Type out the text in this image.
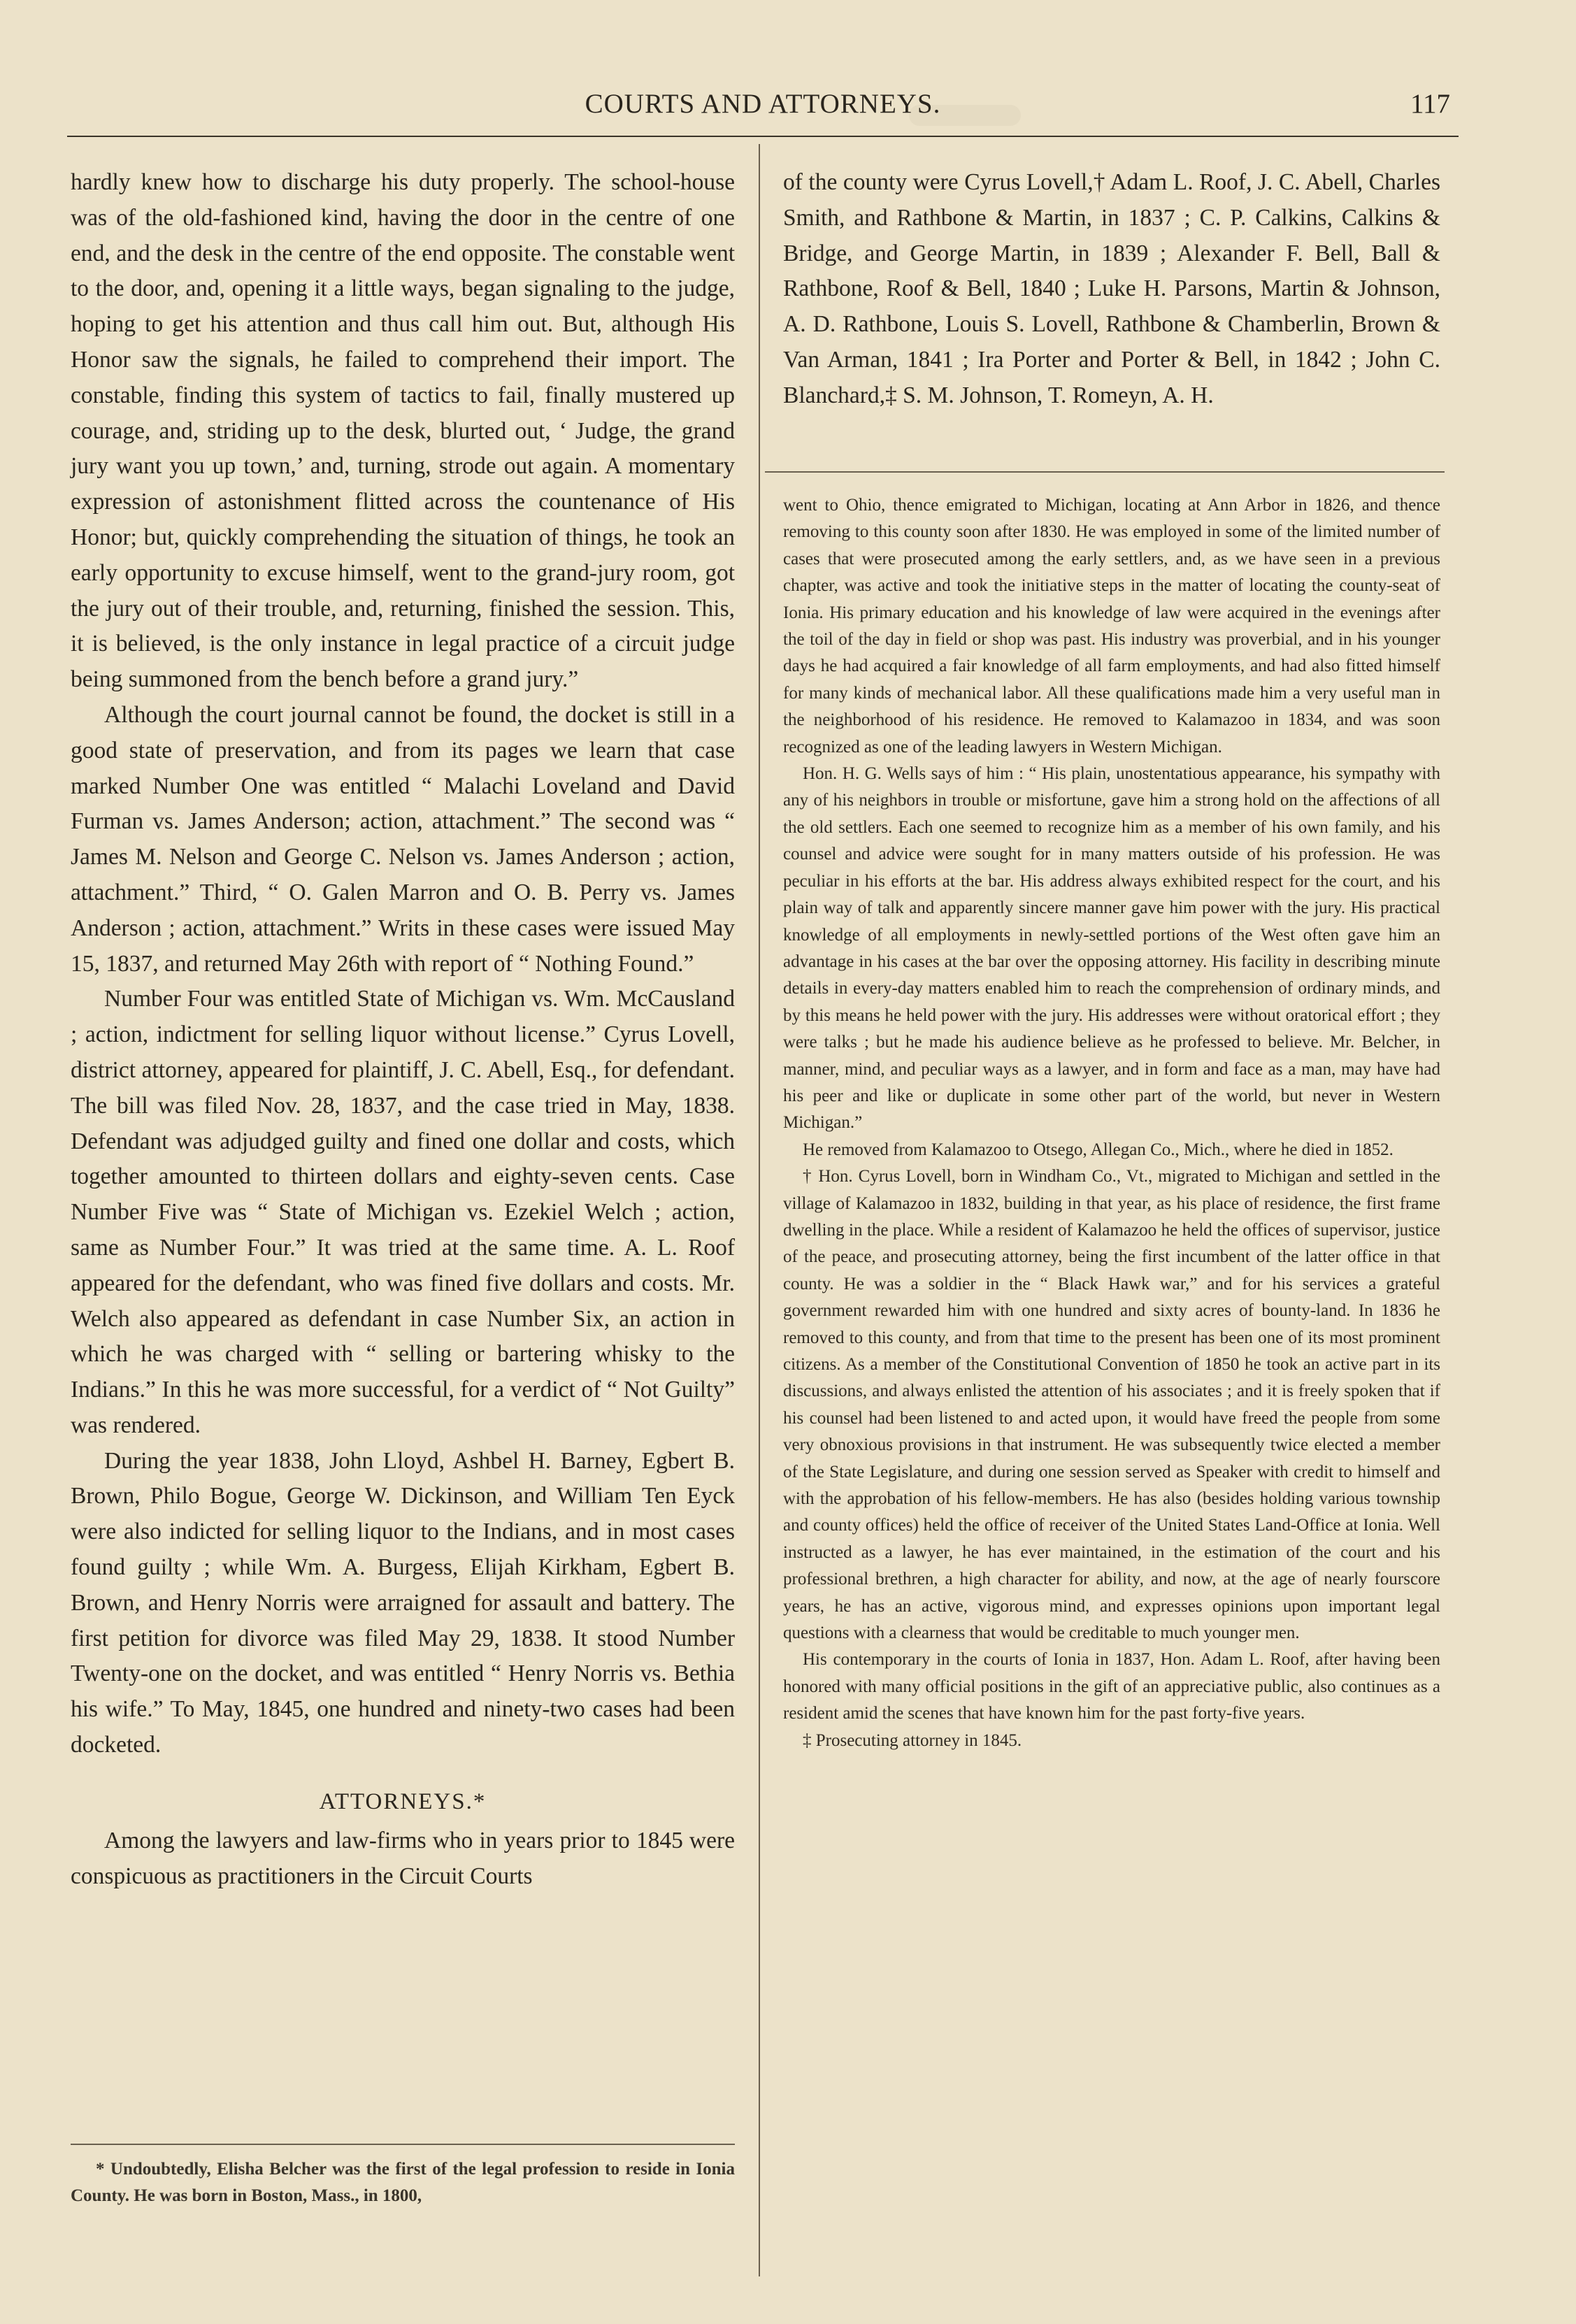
COURTS AND ATTORNEYS.	117

hardly knew how to discharge his duty properly. The school-house was of the old-fashioned kind, having the door in the centre of one end, and the desk in the centre of the end opposite. The constable went to the door, and, opening it a little ways, began signaling to the judge, hoping to get his attention and thus call him out. But, although His Honor saw the signals, he failed to comprehend their import. The constable, finding this system of tactics to fail, finally mustered up courage, and, striding up to the desk, blurted out, ‘ Judge, the grand jury want you up town,’ and, turning, strode out again. A momentary expression of astonishment flitted across the countenance of His Honor; but, quickly comprehending the situation of things, he took an early opportunity to excuse himself, went to the grand-jury room, got the jury out of their trouble, and, returning, finished the session. This, it is believed, is the only instance in legal practice of a circuit judge being summoned from the bench before a grand jury.”

Although the court journal cannot be found, the docket is still in a good state of preservation, and from its pages we learn that case marked Number One was entitled “ Malachi Loveland and David Furman vs. James Anderson; action, attachment.” The second was “ James M. Nelson and George C. Nelson vs. James Anderson ; action, attachment.” Third, “ O. Galen Marron and O. B. Perry vs. James Anderson ; action, attachment.” Writs in these cases were issued May 15, 1837, and returned May 26th with report of “ Nothing Found.”

Number Four was entitled State of Michigan vs. Wm. McCausland ; action, indictment for selling liquor without license.” Cyrus Lovell, district attorney, appeared for plaintiff, J. C. Abell, Esq., for defendant. The bill was filed Nov. 28, 1837, and the case tried in May, 1838. Defendant was adjudged guilty and fined one dollar and costs, which together amounted to thirteen dollars and eighty-seven cents. Case Number Five was “ State of Michigan vs. Ezekiel Welch ; action, same as Number Four.” It was tried at the same time. A. L. Roof appeared for the defendant, who was fined five dollars and costs. Mr. Welch also appeared as defendant in case Number Six, an action in which he was charged with “ selling or bartering whisky to the Indians.” In this he was more successful, for a verdict of “ Not Guilty” was rendered.

During the year 1838, John Lloyd, Ashbel H. Barney, Egbert B. Brown, Philo Bogue, George W. Dickinson, and William Ten Eyck were also indicted for selling liquor to the Indians, and in most cases found guilty ; while Wm. A. Burgess, Elijah Kirkham, Egbert B. Brown, and Henry Norris were arraigned for assault and battery. The first petition for divorce was filed May 29, 1838. It stood Number Twenty-one on the docket, and was entitled “ Henry Norris vs. Bethia his wife.” To May, 1845, one hundred and ninety-two cases had been docketed.

ATTORNEYS.*

Among the lawyers and law-firms who in years prior to 1845 were conspicuous as practitioners in the Circuit Courts

* Undoubtedly, Elisha Belcher was the first of the legal profession to reside in Ionia County. He was born in Boston, Mass., in 1800,

of the county were Cyrus Lovell,† Adam L. Roof, J. C. Abell, Charles Smith, and Rathbone & Martin, in 1837 ; C. P. Calkins, Calkins & Bridge, and George Martin, in 1839 ; Alexander F. Bell, Ball & Rathbone, Roof & Bell, 1840 ; Luke H. Parsons, Martin & Johnson, A. D. Rathbone, Louis S. Lovell, Rathbone & Chamberlin, Brown & Van Arman, 1841 ; Ira Porter and Porter & Bell, in 1842 ; John C. Blanchard,‡ S. M. Johnson, T. Romeyn, A. H.

went to Ohio, thence emigrated to Michigan, locating at Ann Arbor in 1826, and thence removing to this county soon after 1830. He was employed in some of the limited number of cases that were prosecuted among the early settlers, and, as we have seen in a previous chapter, was active and took the initiative steps in the matter of locating the county-seat of Ionia. His primary education and his knowledge of law were acquired in the evenings after the toil of the day in field or shop was past. His industry was proverbial, and in his younger days he had acquired a fair knowledge of all farm employments, and had also fitted himself for many kinds of mechanical labor. All these qualifications made him a very useful man in the neighborhood of his residence. He removed to Kalamazoo in 1834, and was soon recognized as one of the leading lawyers in Western Michigan.

Hon. H. G. Wells says of him : “ His plain, unostentatious appearance, his sympathy with any of his neighbors in trouble or misfortune, gave him a strong hold on the affections of all the old settlers. Each one seemed to recognize him as a member of his own family, and his counsel and advice were sought for in many matters outside of his profession. He was peculiar in his efforts at the bar. His address always exhibited respect for the court, and his plain way of talk and apparently sincere manner gave him power with the jury. His practical knowledge of all employments in newly-settled portions of the West often gave him an advantage in his cases at the bar over the opposing attorney. His facility in describing minute details in every-day matters enabled him to reach the comprehension of ordinary minds, and by this means he held power with the jury. His addresses were without oratorical effort ; they were talks ; but he made his audience believe as he professed to believe. Mr. Belcher, in manner, mind, and peculiar ways as a lawyer, and in form and face as a man, may have had his peer and like or duplicate in some other part of the world, but never in Western Michigan.”

He removed from Kalamazoo to Otsego, Allegan Co., Mich., where he died in 1852.

† Hon. Cyrus Lovell, born in Windham Co., Vt., migrated to Michigan and settled in the village of Kalamazoo in 1832, building in that year, as his place of residence, the first frame dwelling in the place. While a resident of Kalamazoo he held the offices of supervisor, justice of the peace, and prosecuting attorney, being the first incumbent of the latter office in that county. He was a soldier in the “ Black Hawk war,” and for his services a grateful government rewarded him with one hundred and sixty acres of bounty-land. In 1836 he removed to this county, and from that time to the present has been one of its most prominent citizens. As a member of the Constitutional Convention of 1850 he took an active part in its discussions, and always enlisted the attention of his associates ; and it is freely spoken that if his counsel had been listened to and acted upon, it would have freed the people from some very obnoxious provisions in that instrument. He was subsequently twice elected a member of the State Legislature, and during one session served as Speaker with credit to himself and with the approbation of his fellow-members. He has also (besides holding various township and county offices) held the office of receiver of the United States Land-Office at Ionia. Well instructed as a lawyer, he has ever maintained, in the estimation of the court and his professional brethren, a high character for ability, and now, at the age of nearly fourscore years, he has an active, vigorous mind, and expresses opinions upon important legal questions with a clearness that would be creditable to much younger men.

His contemporary in the courts of Ionia in 1837, Hon. Adam L. Roof, after having been honored with many official positions in the gift of an appreciative public, also continues as a resident amid the scenes that have known him for the past forty-five years.

‡ Prosecuting attorney in 1845.
